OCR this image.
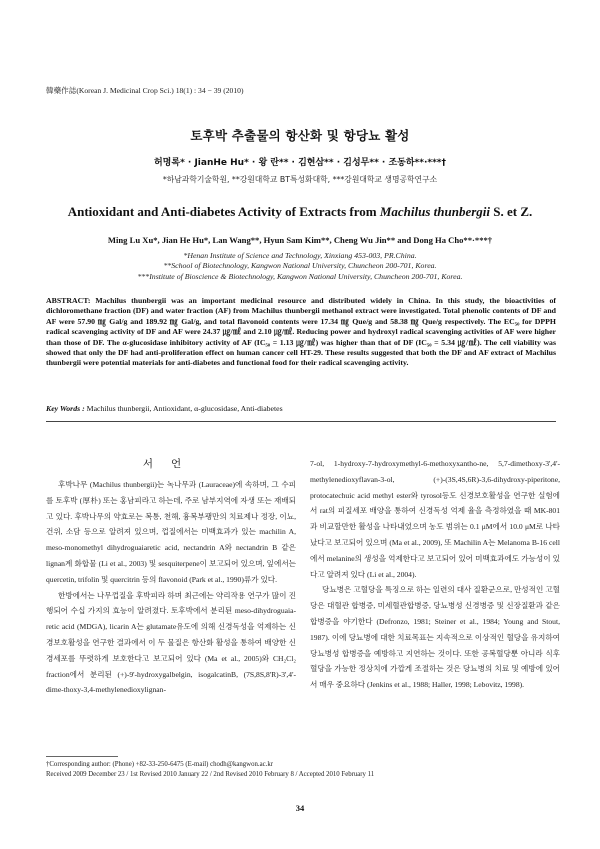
韓藥作誌(Korean J. Medicinal Crop Sci.) 18(1) : 34 − 39 (2010)
토후박 추출물의 항산화 및 항당뇨 활성
허명록* · JianHe Hu* · 왕 란** · 김현삼** · 김성무** · 조동하**·***†
*하남과학기술학원, **강원대학교 BT특성화대학, ***강원대학교 생명공학연구소
Antioxidant and Anti-diabetes Activity of Extracts from Machilus thunbergii S. et Z.
Ming Lu Xu*, Jian He Hu*, Lan Wang**, Hyun Sam Kim**, Cheng Wu Jin** and Dong Ha Cho**·***†
*Henan Institute of Science and Technology, Xinxiang 453-003, PR.China.
**School of Biotechnology, Kangwon National University, Chuncheon 200-701, Korea.
***Institute of Bioscience & Biotechnology, Kangwon National University, Chuncheon 200-701, Korea.
ABSTRACT: Machilus thunbergii was an important medicinal resource and distributed widely in China. In this study, the bioactivities of dichloromethane fraction (DF) and water fraction (AF) from Machilus thunbergii methanol extract were investigated. Total phenolic contents of DF and AF were 57.90 ㎎ Gal/g and 189.92 ㎎ Gal/g, and total flavonoid contents were 17.34 ㎎ Que/g and 58.38 ㎎ Que/g respectively. The EC₅₀ for DPPH radical scavenging activity of DF and AF were 24.37 ㎍/㎖ and 2.10 ㎍/㎖. Reducing power and hydroxyl radical scavenging activities of AF were higher than those of DF. The α-glucosidase inhibitory activity of AF (IC₅₀ = 1.13 ㎍/㎖) was higher than that of DF (IC₅₀ = 5.34 ㎍/㎖). The cell viability was showed that only the DF had anti-proliferation effect on human cancer cell HT-29. These results suggested that both the DF and AF extract of Machilus thunbergii were potential materials for anti-diabetes and functional food for their radical scavenging activity.
Key Words : Machilus thunbergii, Antioxidant, α-glucosidase, Anti-diabetes
서언

후박나무 (Machilus thunbergii)는 녹나무과 (Lauraceae)에 속하며, 그 수피를 토후박 (厚朴) 또는 홍남피라고 하는데, 주로 남부지역에 자생 또는 재배되고 있다. 후박나무의 약효로는 복통, 천해, 흉복부팽만의 치료제나 정장, 이뇨, 건위, 소담 등으로 알려져 있으며, 껍질에서는 미백효과가 있는 machilin A, meso-monomethyl dihydroguaiaretic acid, nectandrin A와 nectandrin B 같은 lignan계 화합물 (Li et al., 2003) 및 sesquiterpene이 보고되어 있으며, 잎에서는 quercetin, trifolin 및 quercitrin 등의 flavonoid (Park et al., 1990)류가 있다.

한방에서는 나무껍질을 후박피라 하며 최근에는 약리작용 연구가 많이 진행되어 수십 가지의 효능이 알려졌다. 토후박에서 분리된 meso-dihydroguaia-retic acid (MDGA), licarin A는 glutamate유도에 의해 신경독성을 억제하는 신경보호활성을 연구한 결과에서 이 두 물질은 항산화 활성을 통하여 배양한 신경세포를 뚜렷하게 보호한다고 보고되어 있다 (Ma et al., 2005)와 CH₂Cl₂ fraction에서 분리된 (+)-9'-hydroxygalbelgin, isogalcatinB, (7S,8S,8'R)-3',4'-dime-thoxy-3,4-methylenedioxylignan-

7-ol, 1-hydroxy-7-hydroxymethyl-6-methoxyxantho-ne, 5,7-dimethoxy-3',4'- methylenedioxyflavan-3-ol, (+)-(3S,4S,6R)-3,6-dihydroxy-piperitone, protocatechuic acid methyl ester와 tyrosol등도 신경보호활성을 연구한 실험에서 rat의 피질세포 배양을 통하여 신경독성 억제 율을 측정하였을 때 MK-801과 비교할만한 활성을 나타내었으며 농도 범위는 0.1 μM에서 10.0 μM로 나타났다고 보고되어 있으며 (Ma et al., 2009), 또 Machilin A는 Melanoma B-16 cell에서 melanine의 생성을 억제한다고 보고되어 있어 미백효과에도 가능성이 있다고 알려져 있다 (Li et al., 2004).

당뇨병은 고혈당을 특징으로 하는 일련의 대사 질환군으로, 만성적인 고혈당은 대혈관 합병증, 미세혈관합병증, 당뇨병성 신경병증 및 신장질환과 같은 합병증을 야기한다 (Defronzo, 1981; Steiner et al., 1984; Young and Stout, 1987). 이에 당뇨병에 대한 치료목표는 지속적으로 이상적인 혈당을 유지하여 당뇨병성 합병증을 예방하고 지연하는 것이다. 또한 공복혈당뿐 아니라 식후혈당을 가능한 정상치에 가깝게 조절하는 것은 당뇨병의 치료 및 예방에 있어서 매우 중요하다 (Jenkins et al., 1988; Haller, 1998; Lebovitz, 1998).

†Corresponding author: (Phone) +82-33-250-6475 (E-mail) chodh@kangwon.ac.kr
Received 2009 December 23 / 1st Revised 2010 January 22 / 2nd Revised 2010 February 8 / Accepted 2010 February 11
34
